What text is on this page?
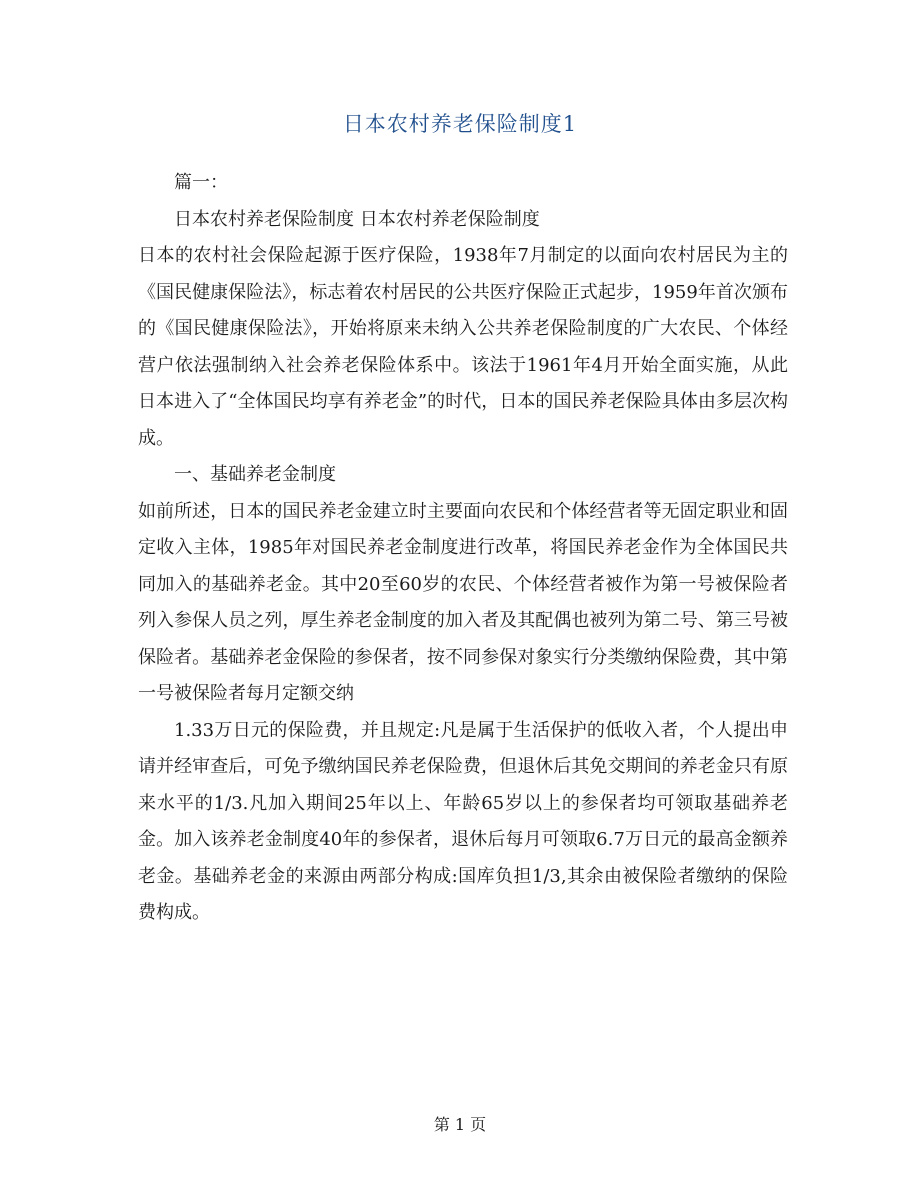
日本农村养老保险制度1

篇一：

日本农村养老保险制度 日本农村养老保险制度

日本的农村社会保险起源于医疗保险，1938年7月制定的以面向农村居民为主的《国民健康保险法》，标志着农村居民的公共医疗保险正式起步，1959年首次颁布的《国民健康保险法》，开始将原来未纳入公共养老保险制度的广大农民、个体经营户依法强制纳入社会养老保险体系中。该法于1961年4月开始全面实施，从此日本进入了“全体国民均享有养老金”的时代，日本的国民养老保险具体由多层次构成。

一、基础养老金制度

如前所述，日本的国民养老金建立时主要面向农民和个体经营者等无固定职业和固定收入主体，1985年对国民养老金制度进行改革，将国民养老金作为全体国民共同加入的基础养老金。其中20至60岁的农民、个体经营者被作为第一号被保险者列入参保人员之列，厚生养老金制度的加入者及其配偶也被列为第二号、第三号被保险者。基础养老金保险的参保者，按不同参保对象实行分类缴纳保险费，其中第一号被保险者每月定额交纳

1.33万日元的保险费，并且规定:凡是属于生活保护的低收入者，个人提出申请并经审查后，可免予缴纳国民养老保险费，但退休后其免交期间的养老金只有原来水平的1/3.凡加入期间25年以上、年龄65岁以上的参保者均可领取基础养老金。加入该养老金制度40年的参保者，退休后每月可领取6.7万日元的最高金额养老金。基础养老金的来源由两部分构成:国库负担1/3,其余由被保险者缴纳的保险费构成。

第 1 页
